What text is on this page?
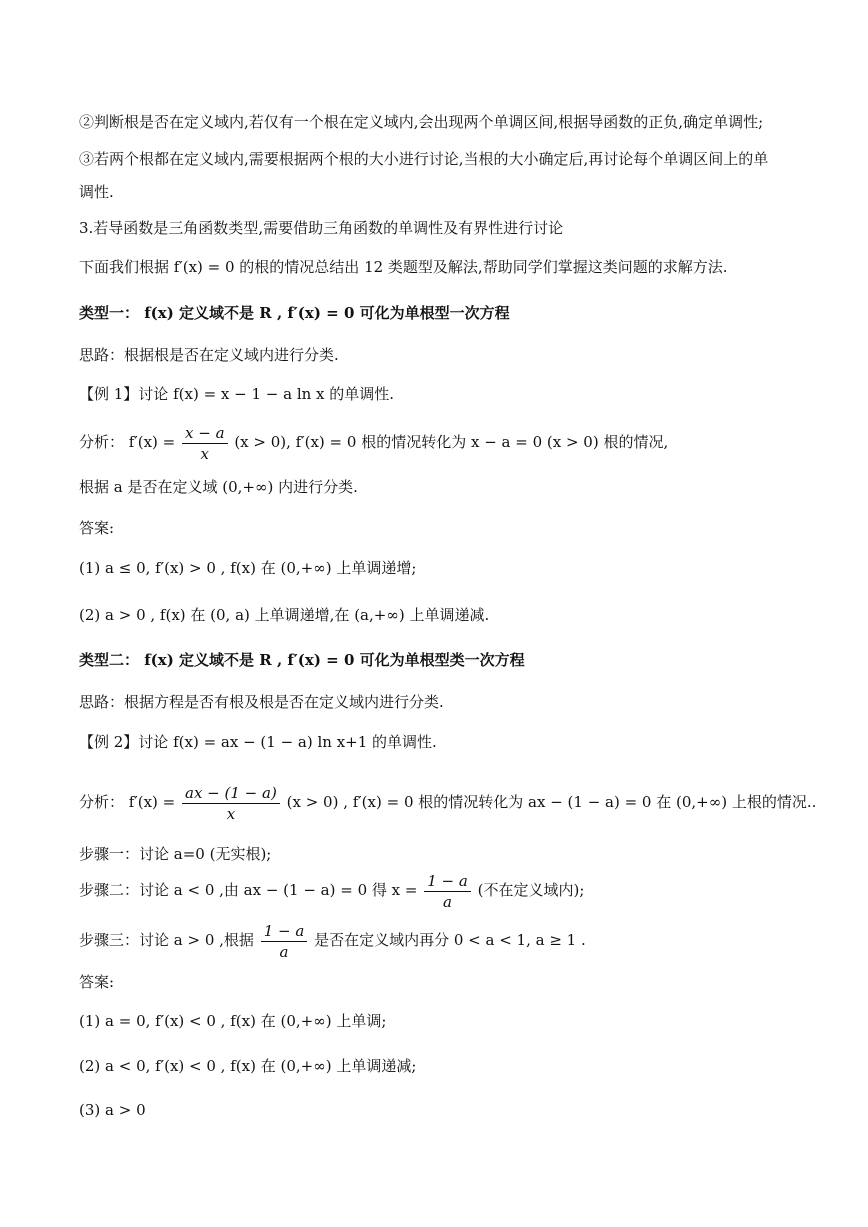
②判断根是否在定义域内,若仅有一个根在定义域内,会出现两个单调区间,根据导函数的正负,确定单调性;
③若两个根都在定义域内,需要根据两个根的大小进行讨论,当根的大小确定后,再讨论每个单调区间上的单
调性.
3.若导函数是三角函数类型,需要借助三角函数的单调性及有界性进行讨论
下面我们根据 f′(x) = 0 的根的情况总结出 12 类题型及解法,帮助同学们掌握这类问题的求解方法.
类型一： f(x) 定义域不是 R , f′(x) = 0 可化为单根型一次方程
思路：根据根是否在定义域内进行分类.
【例 1】讨论 f(x) = x − 1 − a ln x 的单调性.
分析： $f'(x) = \frac{x - a}{x} (x > 0)$, f′(x) = 0 根的情况转化为 x − a = 0 (x > 0) 根的情况,
根据 a 是否在定义域 (0,+∞) 内进行分类.
答案:
(1) a ≤ 0, f′(x) > 0 , f(x) 在 (0,+∞) 上单调递增;
(2) a > 0 , f(x) 在 (0, a) 上单调递增,在 (a,+∞) 上单调递减.
类型二： f(x) 定义域不是 R , f′(x) = 0 可化为单根型类一次方程
思路：根据方程是否有根及根是否在定义域内进行分类.
【例 2】讨论 f(x) = ax − (1 − a) ln x+1 的单调性.
分析： $f'(x) = \frac{ax - (1 - a)}{x} (x > 0)$ , f′(x) = 0 根的情况转化为 ax − (1 − a) = 0 在 (0,+∞) 上根的情况..
步骤一：讨论 a=0 (无实根);
步骤二：讨论 a < 0 ,由 ax − (1 − a) = 0 得 $x = \frac{1 - a}{a}$ (不在定义域内);
步骤三：讨论 a > 0 ,根据 $\frac{1 - a}{a}$ 是否在定义域内再分 0 < a < 1, a ≥ 1 .
答案:
(1) a = 0, f′(x) < 0 , f(x) 在 (0,+∞) 上单调;
(2) a < 0, f′(x) < 0 , f(x) 在 (0,+∞) 上单调递减;
(3) a > 0
